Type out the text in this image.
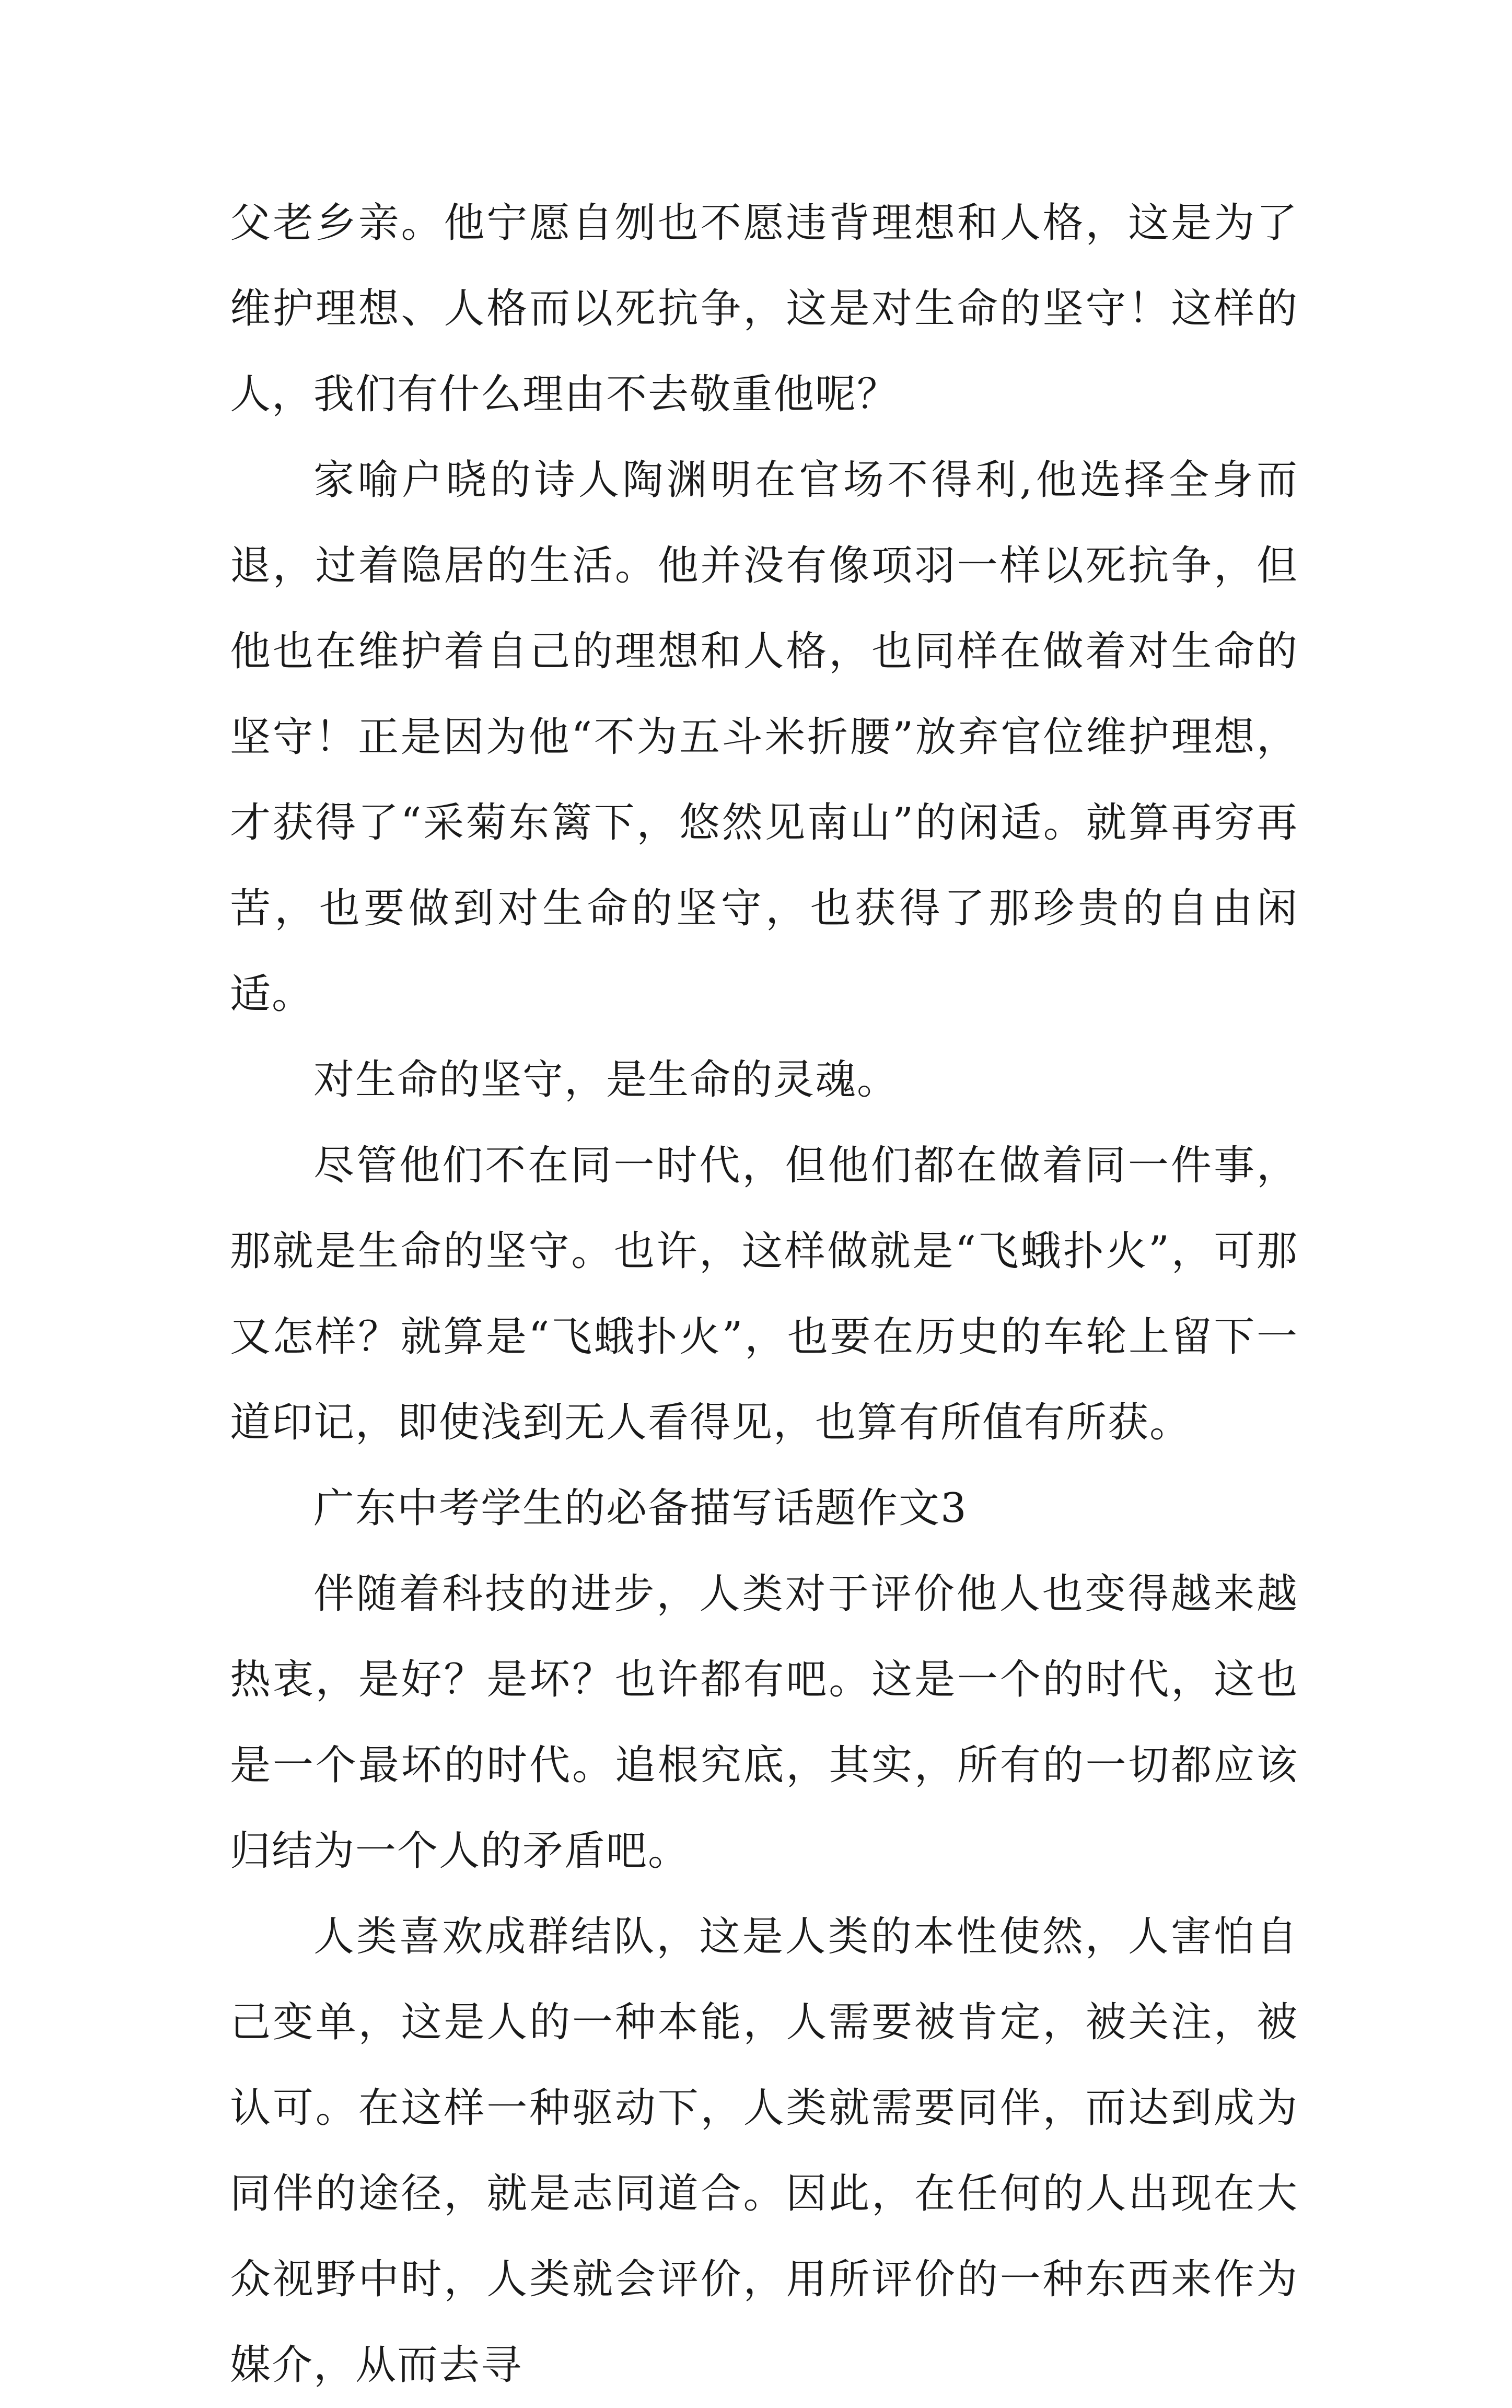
父老乡亲。他宁愿自刎也不愿违背理想和人格，这是为了维护理想、人格而以死抗争，这是对生命的坚守！这样的人，我们有什么理由不去敬重他呢？

家喻户晓的诗人陶渊明在官场不得利,他选择全身而退，过着隐居的生活。他并没有像项羽一样以死抗争，但他也在维护着自己的理想和人格，也同样在做着对生命的坚守！正是因为他“不为五斗米折腰”放弃官位维护理想，才获得了“采菊东篱下，悠然见南山”的闲适。就算再穷再苦，也要做到对生命的坚守，也获得了那珍贵的自由闲适。

对生命的坚守，是生命的灵魂。

尽管他们不在同一时代，但他们都在做着同一件事，那就是生命的坚守。也许，这样做就是“飞蛾扑火”，可那又怎样？就算是“飞蛾扑火”，也要在历史的车轮上留下一道印记，即使浅到无人看得见，也算有所值有所获。

广东中考学生的必备描写话题作文3

伴随着科技的进步，人类对于评价他人也变得越来越热衷，是好？是坏？也许都有吧。这是一个的时代，这也是一个最坏的时代。追根究底，其实，所有的一切都应该归结为一个人的矛盾吧。

人类喜欢成群结队，这是人类的本性使然，人害怕自己变单，这是人的一种本能，人需要被肯定，被关注，被认可。在这样一种驱动下，人类就需要同伴，而达到成为同伴的途径，就是志同道合。因此，在任何的人出现在大众视野中时，人类就会评价，用所评价的一种东西来作为媒介，从而去寻
